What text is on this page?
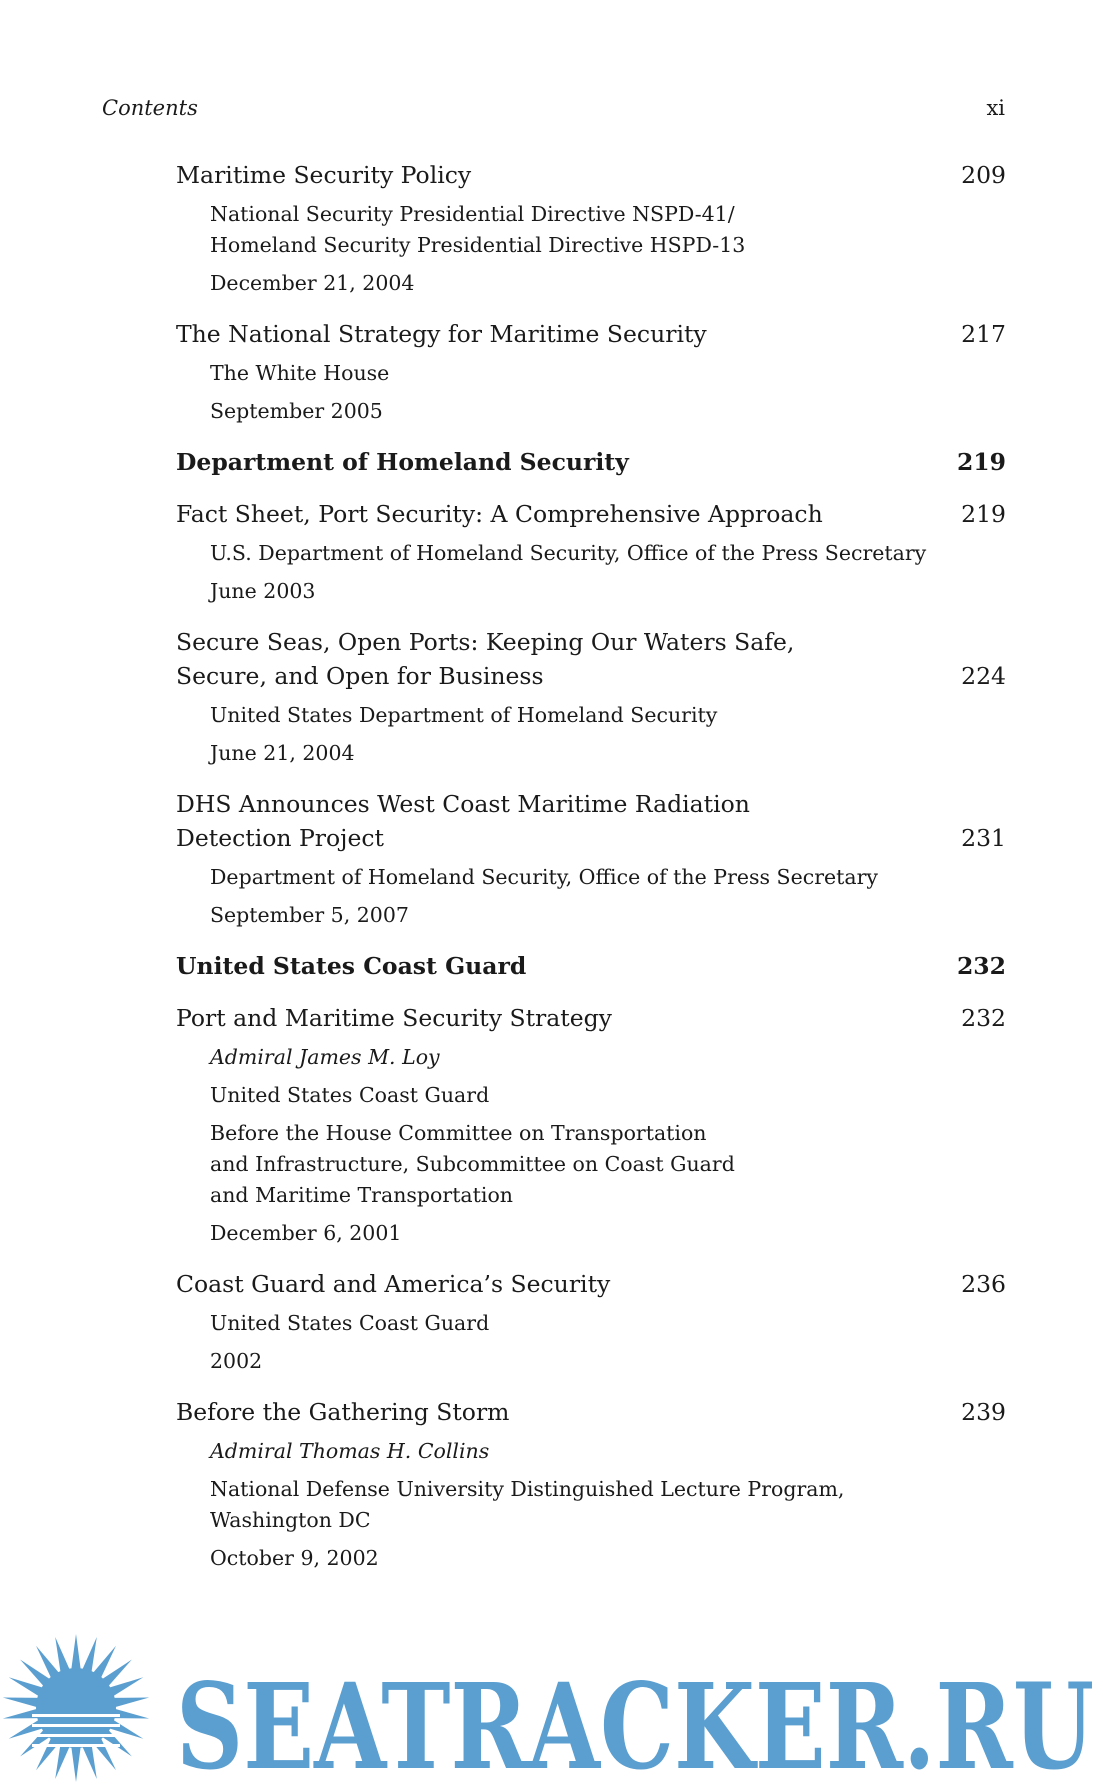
Contents	xi
Maritime Security Policy	209
National Security Presidential Directive NSPD-41/
Homeland Security Presidential Directive HSPD-13
December 21, 2004
The National Strategy for Maritime Security	217
The White House
September 2005
Department of Homeland Security	219
Fact Sheet, Port Security: A Comprehensive Approach	219
U.S. Department of Homeland Security, Office of the Press Secretary
June 2003
Secure Seas, Open Ports: Keeping Our Waters Safe,
Secure, and Open for Business	224
United States Department of Homeland Security
June 21, 2004
DHS Announces West Coast Maritime Radiation
Detection Project	231
Department of Homeland Security, Office of the Press Secretary
September 5, 2007
United States Coast Guard	232
Port and Maritime Security Strategy	232
Admiral James M. Loy
United States Coast Guard
Before the House Committee on Transportation
and Infrastructure, Subcommittee on Coast Guard
and Maritime Transportation
December 6, 2001
Coast Guard and America’s Security	236
United States Coast Guard
2002
Before the Gathering Storm	239
Admiral Thomas H. Collins
National Defense University Distinguished Lecture Program,
Washington DC
October 9, 2002
SEATRACKER.RU
